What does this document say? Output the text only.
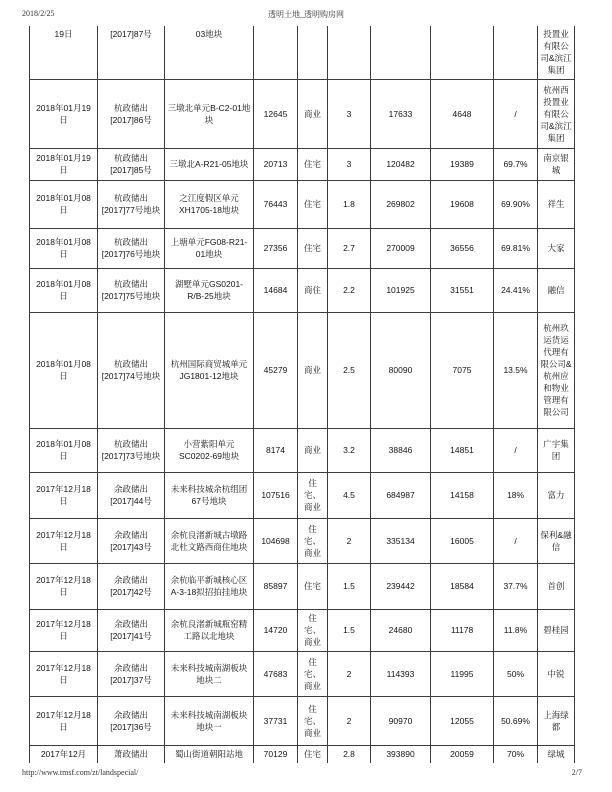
2018/2/25	透明土地_透明购房网
19日	[2017]87号	03地块							投置业有限公司&滨江集团
2018年01月19日	杭政储出[2017]86号	三墩北单元B-C2-01地块	12645	商业	3	17633	4648	/	杭州西投置业有限公司&滨江集团
2018年01月19日	杭政储出[2017]85号	三墩北A-R21-05地块	20713	住宅	3	120482	19389	69.7%	南京银城
2018年01月08日	杭政储出[2017]77号地块	之江度假区单元XH1705-18地块	76443	住宅	1.8	269802	19608	69.90%	祥生
2018年01月08日	杭政储出[2017]76号地块	上塘单元FG08-R21-01地块	27356	住宅	2.7	270009	36556	69.81%	大家
2018年01月08日	杭政储出[2017]75号地块	湖墅单元GS0201-R/B-25地块	14684	商住	2.2	101925	31551	24.41%	融信
2018年01月08日	杭政储出[2017]74号地块	杭州国际商贸城单元JG1801-12地块	45279	商业	2.5	80090	7075	13.5%	杭州玖运货运代理有限公司&杭州应和物业管理有限公司
2018年01月08日	杭政储出[2017]73号地块	小营紫阳单元SC0202-69地块	8174	商业	3.2	38846	14851	/	广宇集团
2017年12月18日	余政储出[2017]44号	未来科技城余杭组团67号地块	107516	住宅、商业	4.5	684987	14158	18%	富力
2017年12月18日	余政储出[2017]43号	余杭良渚新城古墩路北杜文路西商住地块	104698	住宅、商业	2	335134	16005	/	保利&融信
2017年12月18日	余政储出[2017]42号	余杭临平新城核心区A-3-18拟招拍挂地块	85897	住宅	1.5	239442	18584	37.7%	首创
2017年12月18日	余政储出[2017]41号	余杭良渚新城瓶窑精工路以北地块	14720	住宅、商业	1.5	24680	11178	11.8%	碧桂园
2017年12月18日	余政储出[2017]37号	未来科技城南湖板块地块二	47683	住宅、商业	2	114393	11995	50%	中锐
2017年12月18日	余政储出[2017]36号	未来科技城南湖板块地块一	37731	住宅、商业	2	90970	12055	50.69%	上海绿都
2017年12月	萧政储出	蜀山街道朝阳站地	70129	住宅	2.8	393890	20059	70%	绿城
http://www.tmsf.com/zt/landspecial/	2/7
